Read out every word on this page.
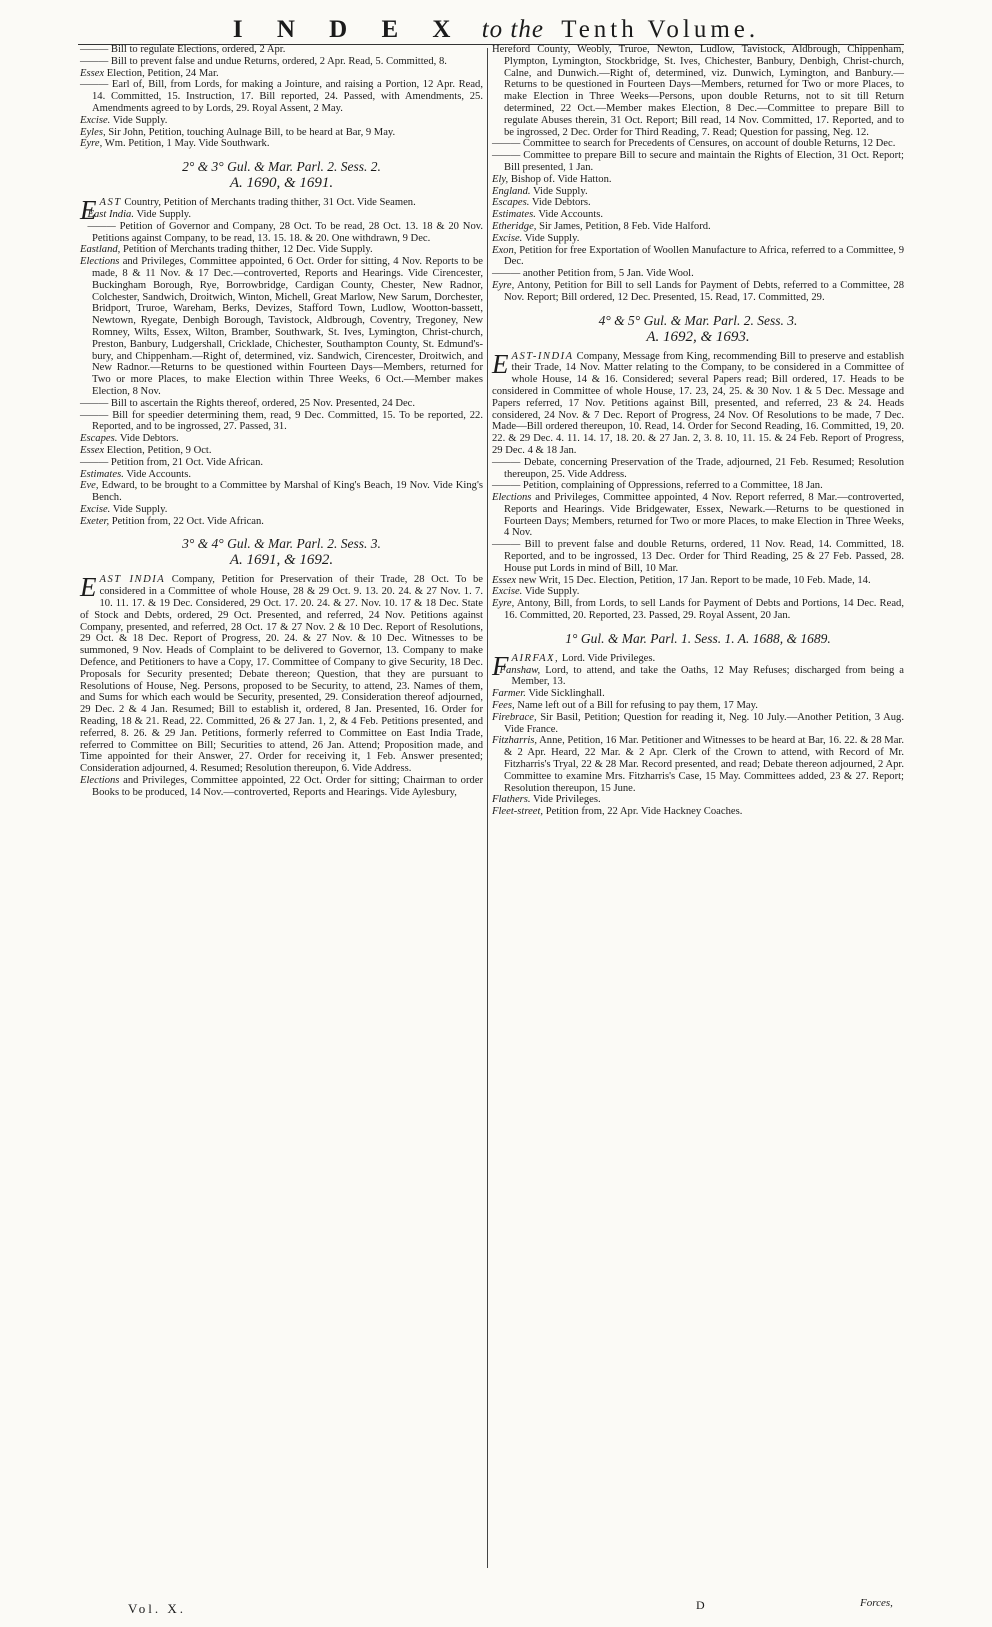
I N D E X to the Tenth Volume.

——— Bill to regulate Elections, ordered, 2 Apr.

——— Bill to prevent false and undue Returns, ordered, 2 Apr. Read, 5. Committed, 8.

Essex Election, Petition, 24 Mar.

——— Earl of, Bill, from Lords, for making a Jointure, and raising a Portion, 12 Apr. Read, 14. Committed, 15. Instruction, 17. Bill reported, 24. Passed, with Amendments, 25. Amendments agreed to by Lords, 29. Royal Assent, 2 May.

Excise. Vide Supply.

Eyles, Sir John, Petition, touching Aulnage Bill, to be heard at Bar, 9 May.

Eyre, Wm. Petition, 1 May. Vide Southwark.

2° & 3° Gul. & Mar. Parl. 2. Sess. 2.
A. 1690, & 1691.

EAST Country, Petition of Merchants trading thither, 31 Oct. Vide Seamen.

East India. Vide Supply.

——— Petition of Governor and Company, 28 Oct. To be read, 28 Oct. 13. 18 & 20 Nov. Petitions against Company, to be read, 13. 15. 18. & 20. One withdrawn, 9 Dec.

Eastland, Petition of Merchants trading thither, 12 Dec. Vide Supply.

Elections and Privileges, Committee appointed, 6 Oct. Order for sitting, 4 Nov. Reports to be made, 8 & 11 Nov. & 17 Dec.—controverted, Reports and Hearings. Vide Cirencester, Buckingham Borough, Rye, Borrowbridge, Cardigan County, Chester, New Radnor, Colchester, Sandwich, Droitwich, Winton, Michell, Great Marlow, New Sarum, Dorchester, Bridport, Truroe, Wareham, Berks, Devizes, Stafford Town, Ludlow, Wootton-bassett, Newtown, Ryegate, Denbigh Borough, Tavistock, Aldbrough, Coventry, Tregoney, New Romney, Wilts, Essex, Wilton, Bramber, Southwark, St. Ives, Lymington, Christ-church, Preston, Banbury, Ludgershall, Cricklade, Chichester, Southampton County, St. Edmund's-bury, and Chippenham.—Right of, determined, viz. Sandwich, Cirencester, Droitwich, and New Radnor.—Returns to be questioned within Fourteen Days—Members, returned for Two or more Places, to make Election within Three Weeks, 6 Oct.—Member makes Election, 8 Nov.

——— Bill to ascertain the Rights thereof, ordered, 25 Nov. Presented, 24 Dec.

——— Bill for speedier determining them, read, 9 Dec. Committed, 15. To be reported, 22. Reported, and to be ingrossed, 27. Passed, 31.

Escapes. Vide Debtors.

Essex Election, Petition, 9 Oct.

——— Petition from, 21 Oct. Vide African.

Estimates. Vide Accounts.

Eve, Edward, to be brought to a Committee by Marshal of King's Beach, 19 Nov. Vide King's Bench.

Excise. Vide Supply.

Exeter, Petition from, 22 Oct. Vide African.

3° & 4° Gul. & Mar. Parl. 2. Sess. 3.
A. 1691, & 1692.

EAST INDIA Company, Petition for Preservation of their Trade, 28 Oct. To be considered in a Committee of whole House, 28 & 29 Oct. 9. 13. 20. 24. & 27 Nov. 1. 7. 10. 11. 17. & 19 Dec. Considered, 29 Oct. 17. 20. 24. & 27. Nov. 10. 17 & 18 Dec. State of Stock and Debts, ordered, 29 Oct. Presented, and referred, 24 Nov. Petitions against Company, presented, and referred, 28 Oct. 17 & 27 Nov. 2 & 10 Dec. Report of Resolutions, 29 Oct. & 18 Dec. Report of Progress, 20. 24. & 27 Nov. & 10 Dec. Witnesses to be summoned, 9 Nov. Heads of Complaint to be delivered to Governor, 13. Company to make Defence, and Petitioners to have a Copy, 17. Committee of Company to give Security, 18 Dec. Proposals for Security presented; Debate thereon; Question, that they are pursuant to Resolutions of House, Neg. Persons, proposed to be Security, to attend, 23. Names of them, and Sums for which each would be Security, presented, 29. Consideration thereof adjourned, 29 Dec. 2 & 4 Jan. Resumed; Bill to establish it, ordered, 8 Jan. Presented, 16. Order for Reading, 18 & 21. Read, 22. Committed, 26 & 27 Jan. 1, 2, & 4 Feb. Petitions presented, and referred, 8. 26. & 29 Jan. Petitions, formerly referred to Committee on East India Trade, referred to Committee on Bill; Securities to attend, 26 Jan. Attend; Proposition made, and Time appointed for their Answer, 27. Order for receiving it, 1 Feb. Answer presented; Consideration adjourned, 4. Resumed; Resolution thereupon, 6. Vide Address.

Elections and Privileges, Committee appointed, 22 Oct. Order for sitting; Chairman to order Books to be produced, 14 Nov.—controverted, Reports and Hearings. Vide Aylesbury,

Hereford County, Weobly, Truroe, Newton, Ludlow, Tavistock, Aldbrough, Chippenham, Plympton, Lymington, Stockbridge, St. Ives, Chichester, Banbury, Denbigh, Christ-church, Calne, and Dunwich.—Right of, determined, viz. Dunwich, Lymington, and Banbury.—Returns to be questioned in Fourteen Days—Members, returned for Two or more Places, to make Election in Three Weeks—Persons, upon double Returns, not to sit till Return determined, 22 Oct.—Member makes Election, 8 Dec.—Committee to prepare Bill to regulate Abuses therein, 31 Oct. Report; Bill read, 14 Nov. Committed, 17. Reported, and to be ingrossed, 2 Dec. Order for Third Reading, 7. Read; Question for passing, Neg. 12.

——— Committee to search for Precedents of Censures, on account of double Returns, 12 Dec.

——— Committee to prepare Bill to secure and maintain the Rights of Election, 31 Oct. Report; Bill presented, 1 Jan.

Ely, Bishop of. Vide Hatton.

England. Vide Supply.

Escapes. Vide Debtors.

Estimates. Vide Accounts.

Etheridge, Sir James, Petition, 8 Feb. Vide Halford.

Excise. Vide Supply.

Exon, Petition for free Exportation of Woollen Manufacture to Africa, referred to a Committee, 9 Dec.

——— another Petition from, 5 Jan. Vide Wool.

Eyre, Antony, Petition for Bill to sell Lands for Payment of Debts, referred to a Committee, 28 Nov. Report; Bill ordered, 12 Dec. Presented, 15. Read, 17. Committed, 29.

4° & 5° Gul. & Mar. Parl. 2. Sess. 3.
A. 1692, & 1693.

EAST-INDIA Company, Message from King, recommending Bill to preserve and establish their Trade, 14 Nov. Matter relating to the Company, to be considered in a Committee of whole House, 14 & 16. Considered; several Papers read; Bill ordered, 17. Heads to be considered in Committee of whole House, 17. 23, 24, 25. & 30 Nov. 1 & 5 Dec. Message and Papers referred, 17 Nov. Petitions against Bill, presented, and referred, 23 & 24. Heads considered, 24 Nov. & 7 Dec. Report of Progress, 24 Nov. Of Resolutions to be made, 7 Dec. Made—Bill ordered thereupon, 10. Read, 14. Order for Second Reading, 16. Committed, 19, 20. 22. & 29 Dec. 4. 11. 14. 17, 18. 20. & 27 Jan. 2, 3. 8. 10, 11. 15. & 24 Feb. Report of Progress, 29 Dec. 4 & 18 Jan.

——— Debate, concerning Preservation of the Trade, adjourned, 21 Feb. Resumed; Resolution thereupon, 25. Vide Address.

——— Petition, complaining of Oppressions, referred to a Committee, 18 Jan.

Elections and Privileges, Committee appointed, 4 Nov. Report referred, 8 Mar.—controverted, Reports and Hearings. Vide Bridgewater, Essex, Newark.—Returns to be questioned in Fourteen Days; Members, returned for Two or more Places, to make Election in Three Weeks, 4 Nov.

——— Bill to prevent false and double Returns, ordered, 11 Nov. Read, 14. Committed, 18. Reported, and to be ingrossed, 13 Dec. Order for Third Reading, 25 & 27 Feb. Passed, 28. House put Lords in mind of Bill, 10 Mar.

Essex new Writ, 15 Dec. Election, Petition, 17 Jan. Report to be made, 10 Feb. Made, 14.

Excise. Vide Supply.

Eyre, Antony, Bill, from Lords, to sell Lands for Payment of Debts and Portions, 14 Dec. Read, 16. Committed, 20. Reported, 23. Passed, 29. Royal Assent, 20 Jan.

1° Gul. & Mar. Parl. 1. Sess. 1. A. 1688, & 1689.

FAIRFAX, Lord. Vide Privileges.

Fanshaw, Lord, to attend, and take the Oaths, 12 May Refuses; discharged from being a Member, 13.

Farmer. Vide Sicklinghall.

Fees, Name left out of a Bill for refusing to pay them, 17 May.

Firebrace, Sir Basil, Petition; Question for reading it, Neg. 10 July.—Another Petition, 3 Aug. Vide France.

Fitzharris, Anne, Petition, 16 Mar. Petitioner and Witnesses to be heard at Bar, 16. 22. & 28 Mar. & 2 Apr. Heard, 22 Mar. & 2 Apr. Clerk of the Crown to attend, with Record of Mr. Fitzharris's Tryal, 22 & 28 Mar. Record presented, and read; Debate thereon adjourned, 2 Apr. Committee to examine Mrs. Fitzharris's Case, 15 May. Committees added, 23 & 27. Report; Resolution thereupon, 15 June.

Flathers. Vide Privileges.

Fleet-street, Petition from, 22 Apr. Vide Hackney Coaches.

Vol. X.	D	Forces,
